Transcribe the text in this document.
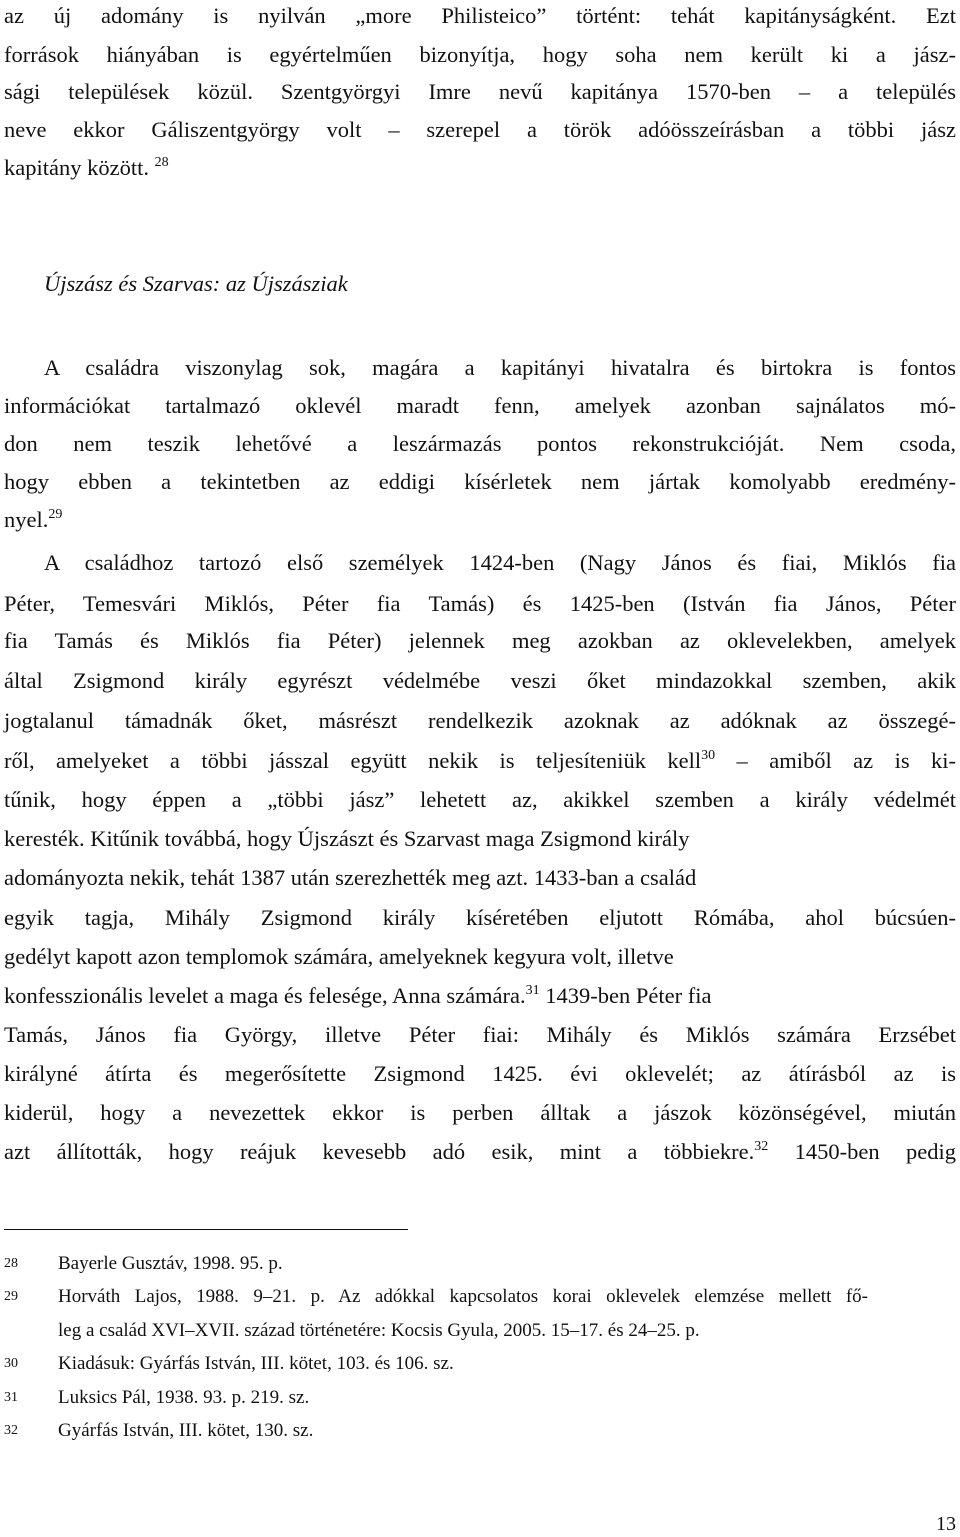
az új adomány is nyilván „more Philisteico” történt: tehát kapitányságként. Ezt
források hiányában is egyértelműen bizonyítja, hogy soha nem került ki a jász-
sági települések közül. Szentgyörgyi Imre nevű kapitánya 1570-ben – a település
neve ekkor Gáliszentgyörgy volt – szerepel a török adóösszeírásban a többi jász
kapitány között. $^{28}$
Újszász és Szarvas: az Újszásziak
A családra viszonylag sok, magára a kapitányi hivatalra és birtokra is fontos
információkat tartalmazó oklevél maradt fenn, amelyek azonban sajnálatos mó-
don nem teszik lehetővé a leszármazás pontos rekonstrukcióját. Nem csoda,
hogy ebben a tekintetben az eddigi kísérletek nem jártak komolyabb eredmény-
nyel.$^{29}$
A családhoz tartozó első személyek 1424-ben (Nagy János és fiai, Miklós fia
Péter, Temesvári Miklós, Péter fia Tamás) és 1425-ben (István fia János, Péter
fia Tamás és Miklós fia Péter) jelennek meg azokban az oklevelekben, amelyek
által Zsigmond király egyrészt védelmébe veszi őket mindazokkal szemben, akik
jogtalanul támadnák őket, másrészt rendelkezik azoknak az adóknak az összegé-
ről, amelyeket a többi jásszal együtt nekik is teljesíteniük kell$^{30}$ – amiből az is ki-
tűnik, hogy éppen a „többi jász” lehetett az, akikkel szemben a király védelmét
keresték. Kitűnik továbbá, hogy Újszászt és Szarvast maga Zsigmond király
adományozta nekik, tehát 1387 után szerezhették meg azt. 1433-ban a család
egyik tagja, Mihály Zsigmond király kíséretében eljutott Rómába, ahol búcsúen-
gedélyt kapott azon templomok számára, amelyeknek kegyura volt, illetve
konfesszionális levelet a maga és felesége, Anna számára.$^{31}$ 1439-ben Péter fia
Tamás, János fia György, illetve Péter fiai: Mihály és Miklós számára Erzsébet
királyné átírta és megerősítette Zsigmond 1425. évi oklevelét; az átírásból az is
kiderül, hogy a nevezettek ekkor is perben álltak a jászok közönségével, miután
azt állították, hogy reájuk kevesebb adó esik, mint a többiekre.$^{32}$ 1450-ben pedig
28 Bayerle Gusztáv, 1998. 95. p.
29 Horváth Lajos, 1988. 9–21. p. Az adókkal kapcsolatos korai oklevelek elemzése mellett fő-
leg a család XVI–XVII. század történetére: Kocsis Gyula, 2005. 15–17. és 24–25. p.
30 Kiadásuk: Gyárfás István, III. kötet, 103. és 106. sz.
31 Luksics Pál, 1938. 93. p. 219. sz.
32 Gyárfás István, III. kötet, 130. sz.
13
